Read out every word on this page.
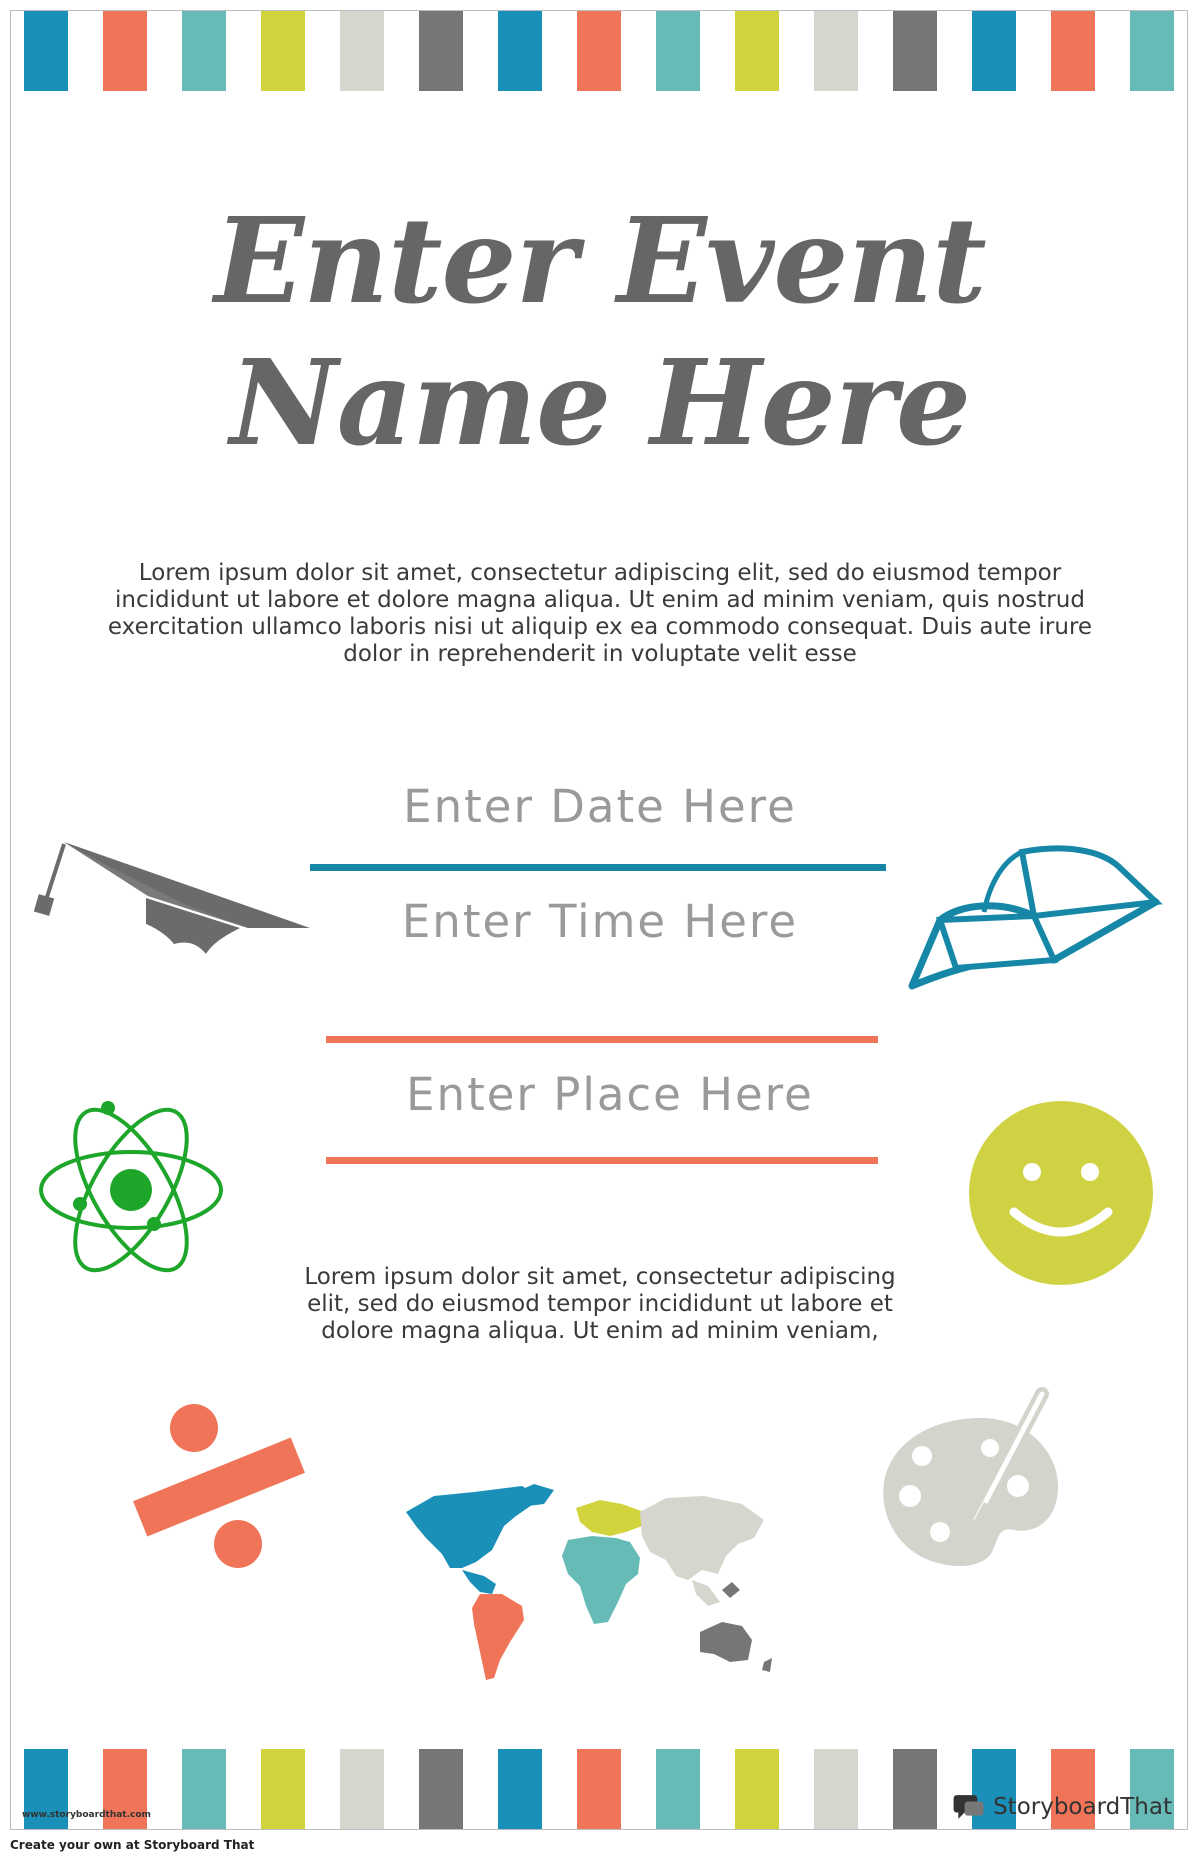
Enter Event Name Here
Lorem ipsum dolor sit amet, consectetur adipiscing elit, sed do eiusmod tempor incididunt ut labore et dolore magna aliqua. Ut enim ad minim veniam, quis nostrud exercitation ullamco laboris nisi ut aliquip ex ea commodo consequat. Duis aute irure dolor in reprehenderit in voluptate velit esse
Enter Date Here
Enter Time Here
Enter Place Here
Lorem ipsum dolor sit amet, consectetur adipiscing elit, sed do eiusmod tempor incididunt ut labore et dolore magna aliqua. Ut enim ad minim veniam,
www.storyboardthat.com	StoryboardThat
Create your own at Storyboard That
